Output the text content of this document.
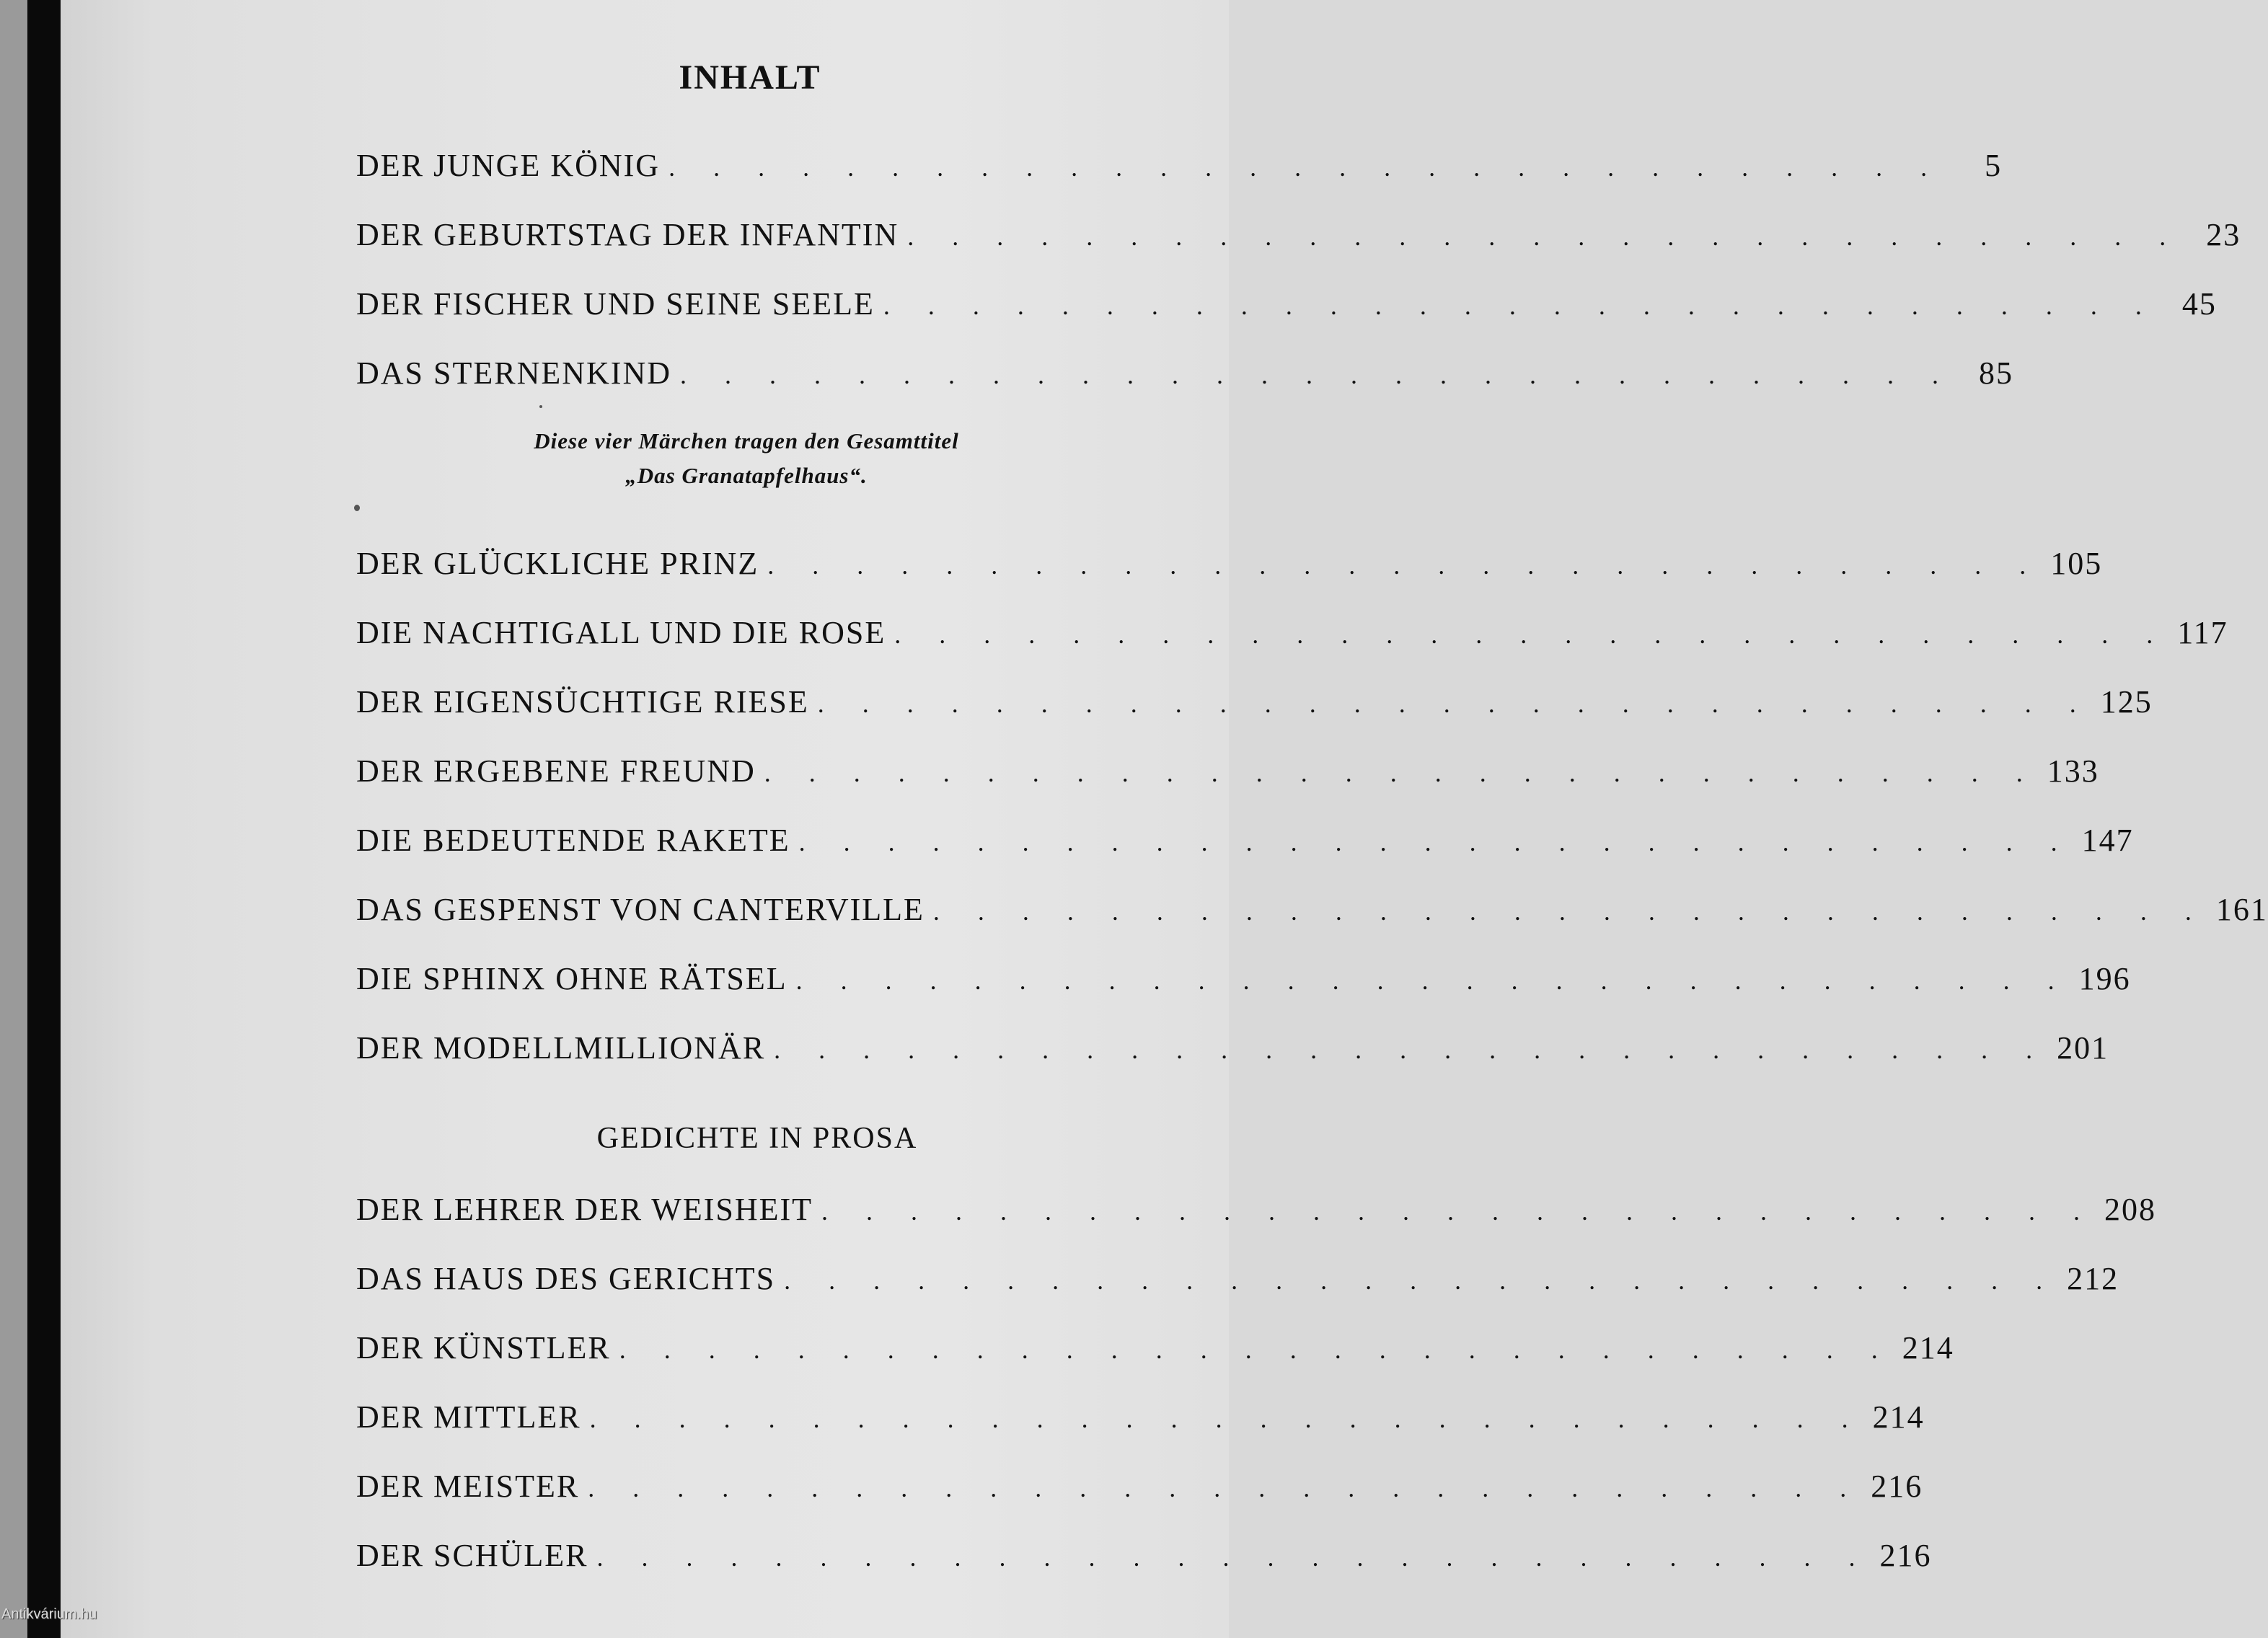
INHALT
DER JUNGE KÖNIG . . . . . . . . . . . . . . . . . . . . . . . . . . . . .	5
DER GEBURTSTAG DER INFANTIN . . . . . . . . . . . . . . . . . . . . . . . . . . . . . 23
DER FISCHER UND SEINE SEELE . . . . . . . . . . . . . . . . . . . . . . . . . . . . . 45
DAS STERNENKIND . . . . . . . . . . . . . . . . . . . . . . . . . . . . . 85
Diese vier Märchen tragen den Gesamttitel
„Das Granatapfelhaus“.
DER GLÜCKLICHE PRINZ . . . . . . . . . . . . . . . . . . . . . . . . . . . . . 105
DIE NACHTIGALL UND DIE ROSE . . . . . . . . . . . . . . . . . . . . . . . . . . . . . 117
DER EIGENSÜCHTIGE RIESE . . . . . . . . . . . . . . . . . . . . . . . . . . . . . 125
DER ERGEBENE FREUND . . . . . . . . . . . . . . . . . . . . . . . . . . . . . 133
DIE BEDEUTENDE RAKETE . . . . . . . . . . . . . . . . . . . . . . . . . . . . . 147
DAS GESPENST VON CANTERVILLE . . . . . . . . . . . . . . . . . . . . . . . . . . . . . 161
DIE SPHINX OHNE RÄTSEL . . . . . . . . . . . . . . . . . . . . . . . . . . . . . 196
DER MODELLMILLIONÄR . . . . . . . . . . . . . . . . . . . . . . . . . . . . . 201
GEDICHTE IN PROSA
DER LEHRER DER WEISHEIT . . . . . . . . . . . . . . . . . . . . . . . . . . . . . 208
DAS HAUS DES GERICHTS . . . . . . . . . . . . . . . . . . . . . . . . . . . . . 212
DER KÜNSTLER . . . . . . . . . . . . . . . . . . . . . . . . . . . . . 214
DER MITTLER . . . . . . . . . . . . . . . . . . . . . . . . . . . . . 214
DER MEISTER . . . . . . . . . . . . . . . . . . . . . . . . . . . . . 216
DER SCHÜLER . . . . . . . . . . . . . . . . . . . . . . . . . . . . . 216
Antikvárium.hu
